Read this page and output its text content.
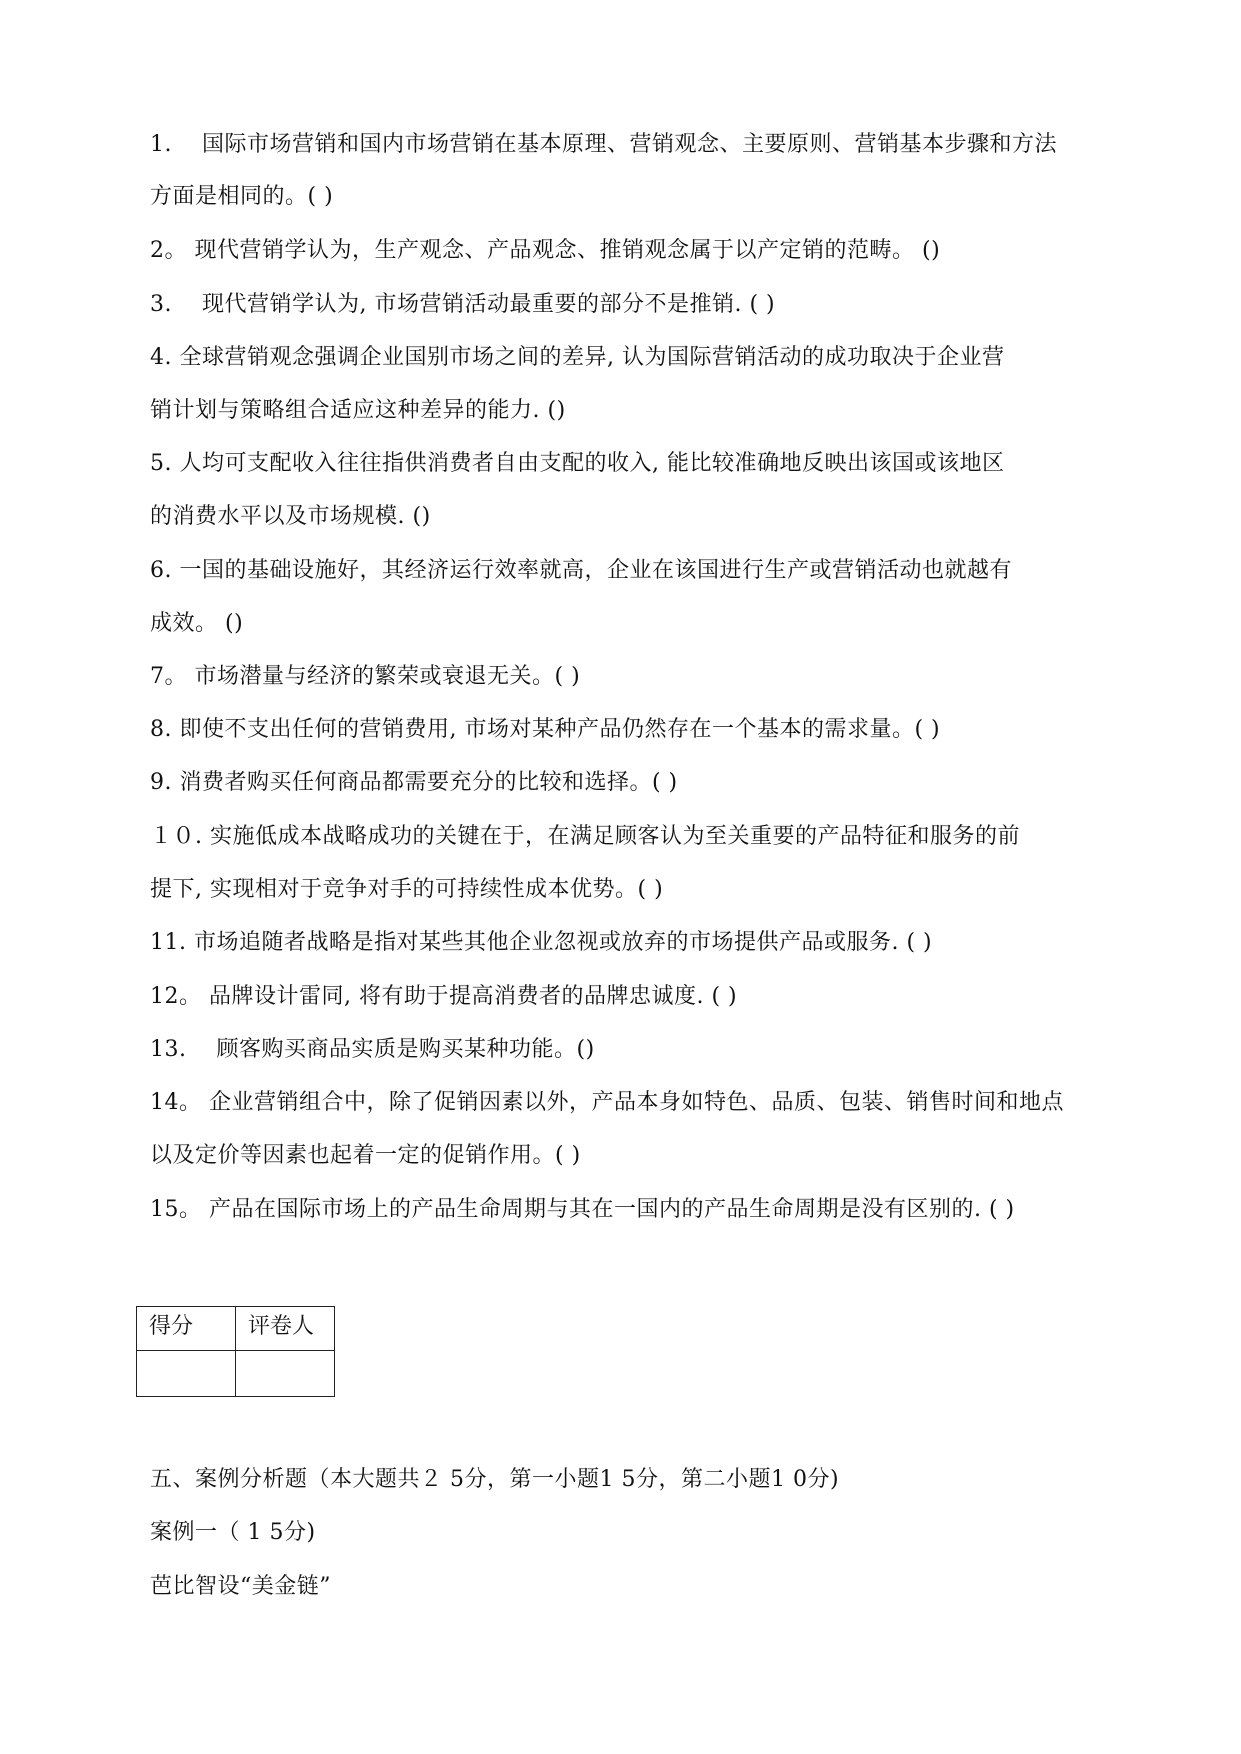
1.　 国际市场营销和国内市场营销在基本原理、营销观念、主要原则、营销基本步骤和方法
方面是相同的。( )
2。 现代营销学认为，生产观念、产品观念、推销观念属于以产定销的范畴。 ()
3.　 现代营销学认为, 市场营销活动最重要的部分不是推销. ( )
4. 全球营销观念强调企业国别市场之间的差异, 认为国际营销活动的成功取决于企业营
销计划与策略组合适应这种差异的能力. ()
5. 人均可支配收入往往指供消费者自由支配的收入, 能比较准确地反映出该国或该地区
的消费水平以及市场规模. ()
6. 一国的基础设施好，其经济运行效率就高，企业在该国进行生产或营销活动也就越有
成效。 ()
7。 市场潜量与经济的繁荣或衰退无关。( )
8. 即使不支出任何的营销费用, 市场对某种产品仍然存在一个基本的需求量。( )
9. 消费者购买任何商品都需要充分的比较和选择。( )
１０. 实施低成本战略成功的关键在于，在满足顾客认为至关重要的产品特征和服务的前
提下, 实现相对于竞争对手的可持续性成本优势。( )
11. 市场追随者战略是指对某些其他企业忽视或放弃的市场提供产品或服务. ( )
12。 品牌设计雷同, 将有助于提高消费者的品牌忠诚度. ( )
13.　 顾客购买商品实质是购买某种功能。()
14。 企业营销组合中，除了促销因素以外，产品本身如特色、品质、包装、销售时间和地点
以及定价等因素也起着一定的促销作用。( )
15。 产品在国际市场上的产品生命周期与其在一国内的产品生命周期是没有区别的. ( )
得分	评卷人

五、案例分析题（本大题共２ 5分，第一小题1 5分，第二小题1 0分)
案例一（ 1 5分)
芭比智设“美金链”
